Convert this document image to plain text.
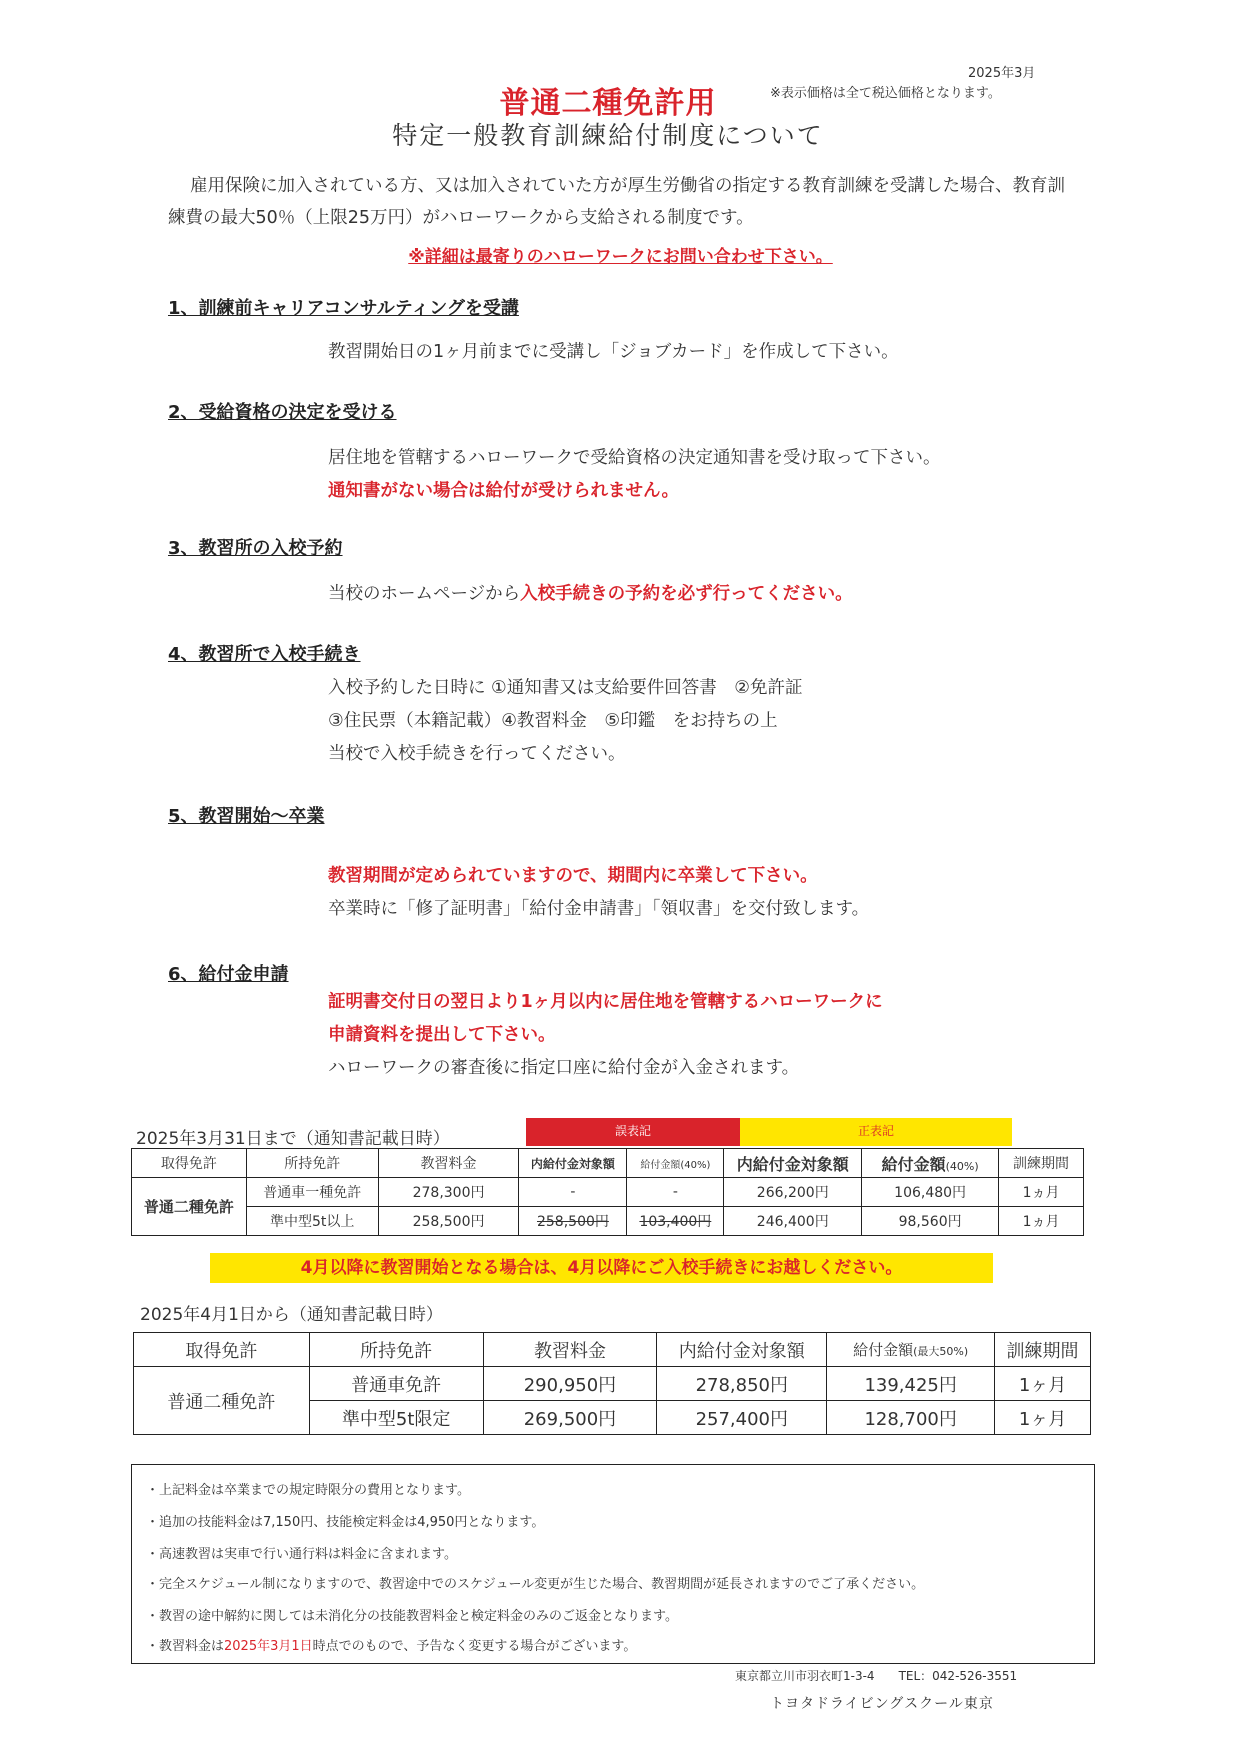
2025年3月
※表示価格は全て税込価格となります。
普通二種免許用
特定一般教育訓練給付制度について
雇用保険に加入されている方、又は加入されていた方が厚生労働省の指定する教育訓練を受講した場合、教育訓練費の最大50％（上限25万円）がハローワークから支給される制度です。
※詳細は最寄りのハローワークにお問い合わせ下さい。
1、訓練前キャリアコンサルティングを受講
教習開始日の1ヶ月前までに受講し「ジョブカード」を作成して下さい。
2、受給資格の決定を受ける
居住地を管轄するハローワークで受給資格の決定通知書を受け取って下さい。
通知書がない場合は給付が受けられません。
3、教習所の入校予約
当校のホームページから入校手続きの予約を必ず行ってください。
4、教習所で入校手続き
入校予約した日時に ①通知書又は支給要件回答書　②免許証
③住民票（本籍記載）④教習料金　⑤印鑑　をお持ちの上
当校で入校手続きを行ってください。
5、教習開始～卒業
教習期間が定められていますので、期間内に卒業して下さい。
卒業時に「修了証明書」「給付金申請書」「領収書」を交付致します。
6、給付金申請
証明書交付日の翌日より1ヶ月以内に居住地を管轄するハローワークに
申請資料を提出して下さい。
ハローワークの審査後に指定口座に給付金が入金されます。
2025年3月31日まで（通知書記載日時）	誤表記	正表記
取得免許	所持免許	教習料金	内給付金対象額	給付金額(40%)	内給付金対象額	給付金額(40%)	訓練期間
普通二種免許	普通車一種免許	278,300円	-	-	266,200円	106,480円	1ヵ月
	準中型5t以上	258,500円	258,500円	103,400円	246,400円	98,560円	1ヵ月
4月以降に教習開始となる場合は、4月以降にご入校手続きにお越しください。
2025年4月1日から（通知書記載日時）
取得免許	所持免許	教習料金	内給付金対象額	給付金額(最大50%)	訓練期間
普通二種免許	普通車免許	290,950円	278,850円	139,425円	1ヶ月
	準中型5t限定	269,500円	257,400円	128,700円	1ヶ月
・上記料金は卒業までの規定時限分の費用となります。
・追加の技能料金は7,150円、技能検定料金は4,950円となります。
・高速教習は実車で行い通行料は料金に含まれます。
・完全スケジュール制になりますので、教習途中でのスケジュール変更が生じた場合、教習期間が延長されますのでご了承ください。
・教習の途中解約に関しては未消化分の技能教習料金と検定料金のみのご返金となります。
・教習料金は2025年3月1日時点でのもので、予告なく変更する場合がございます。
東京都立川市羽衣町1-3-4　　TEL：042-526-3551
トヨタドライビングスクール東京
